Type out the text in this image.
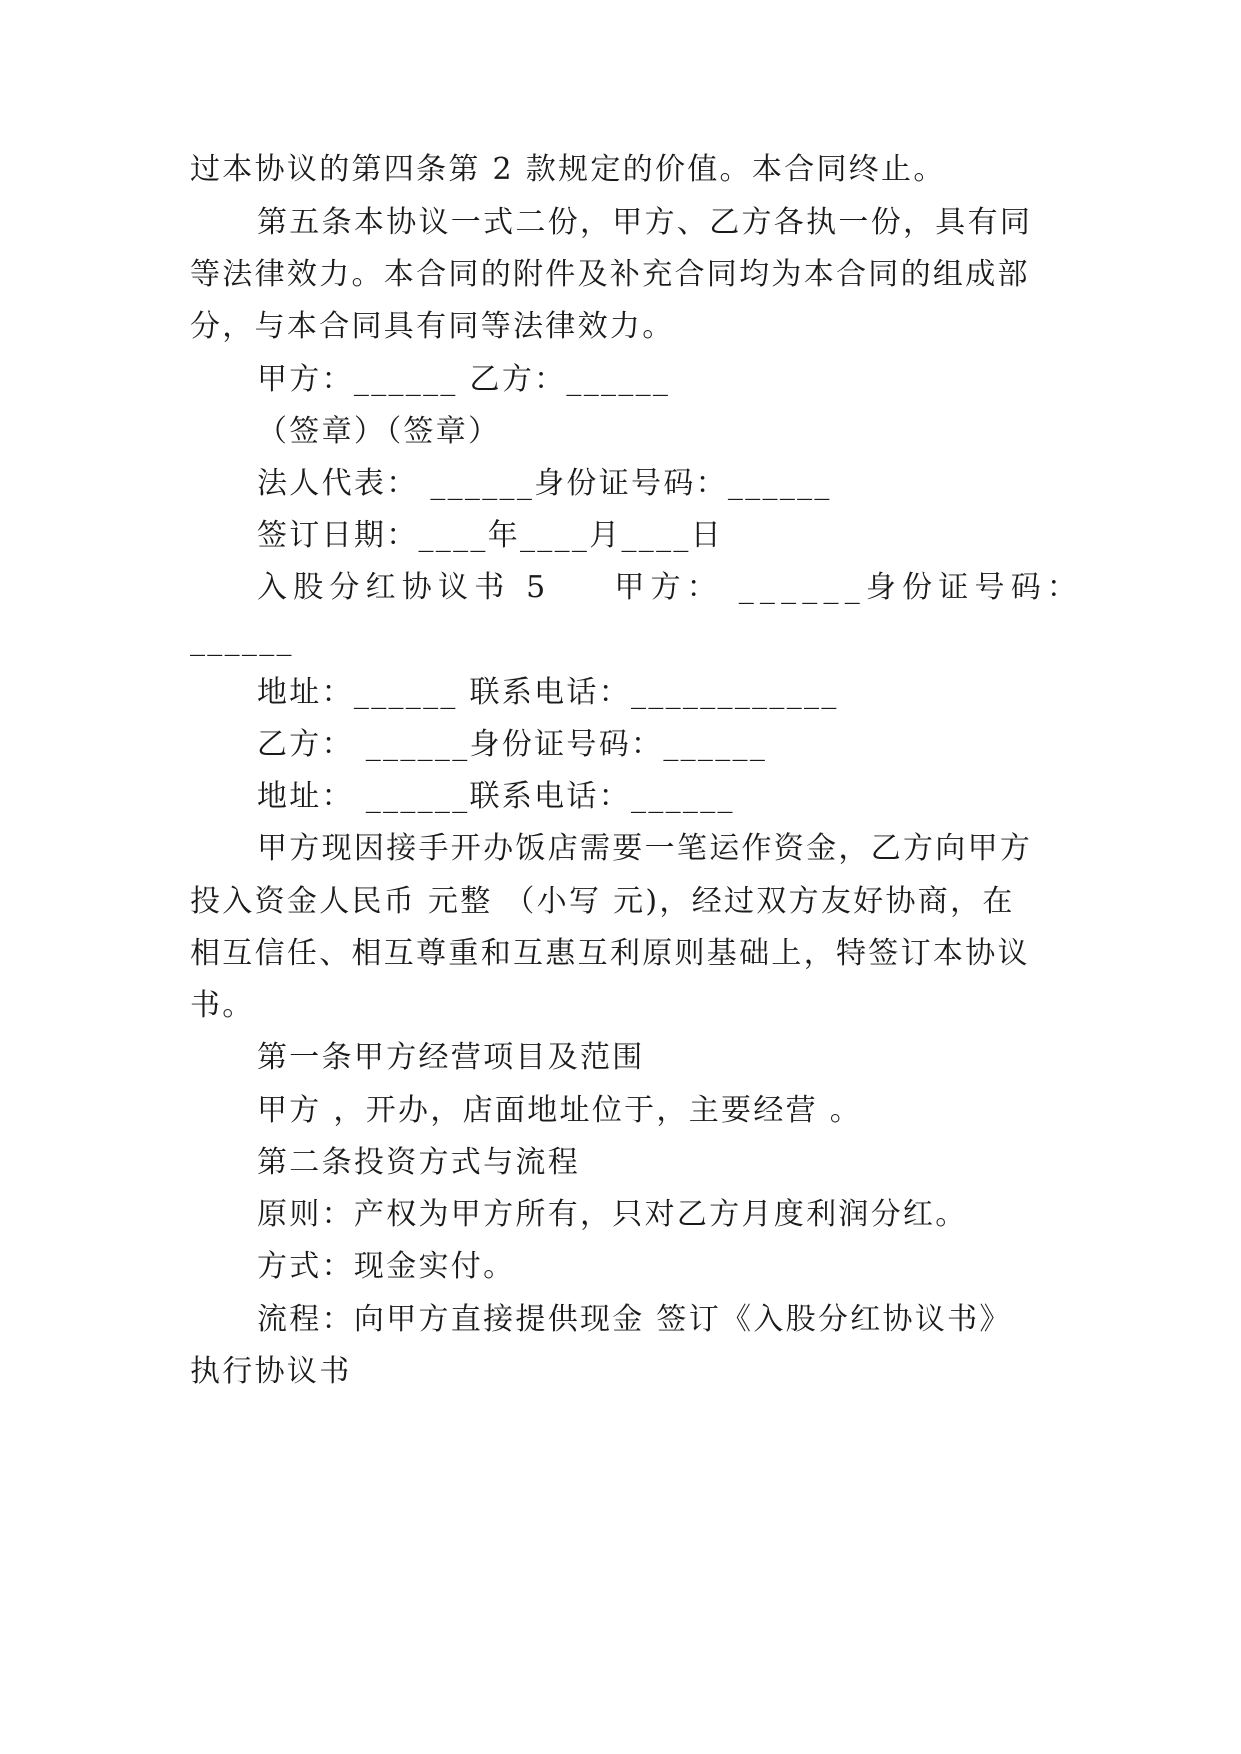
过本协议的第四条第 2 款规定的价值。本合同终止。

第五条本协议一式二份，甲方、乙方各执一份，具有同

等法律效力。本合同的附件及补充合同均为本合同的组成部

分，与本合同具有同等法律效力。

甲方：______ 乙方：______

（签章）（签章）

法人代表： ______身份证号码：______

签订日期：____年____月____日

入股分红协议书 5    甲方： ______身份证号码：

______

地址：______ 联系电话：____________

乙方： ______身份证号码：______

地址： ______联系电话：______

甲方现因接手开办饭店需要一笔运作资金，乙方向甲方

投入资金人民币 元整 （小写 元)，经过双方友好协商，在

相互信任、相互尊重和互惠互利原则基础上，特签订本协议

书。

第一条甲方经营项目及范围

甲方 ，开办，店面地址位于，主要经营 。

第二条投资方式与流程

原则：产权为甲方所有，只对乙方月度利润分红。

方式：现金实付。

流程：向甲方直接提供现金 签订《入股分红协议书》

执行协议书
